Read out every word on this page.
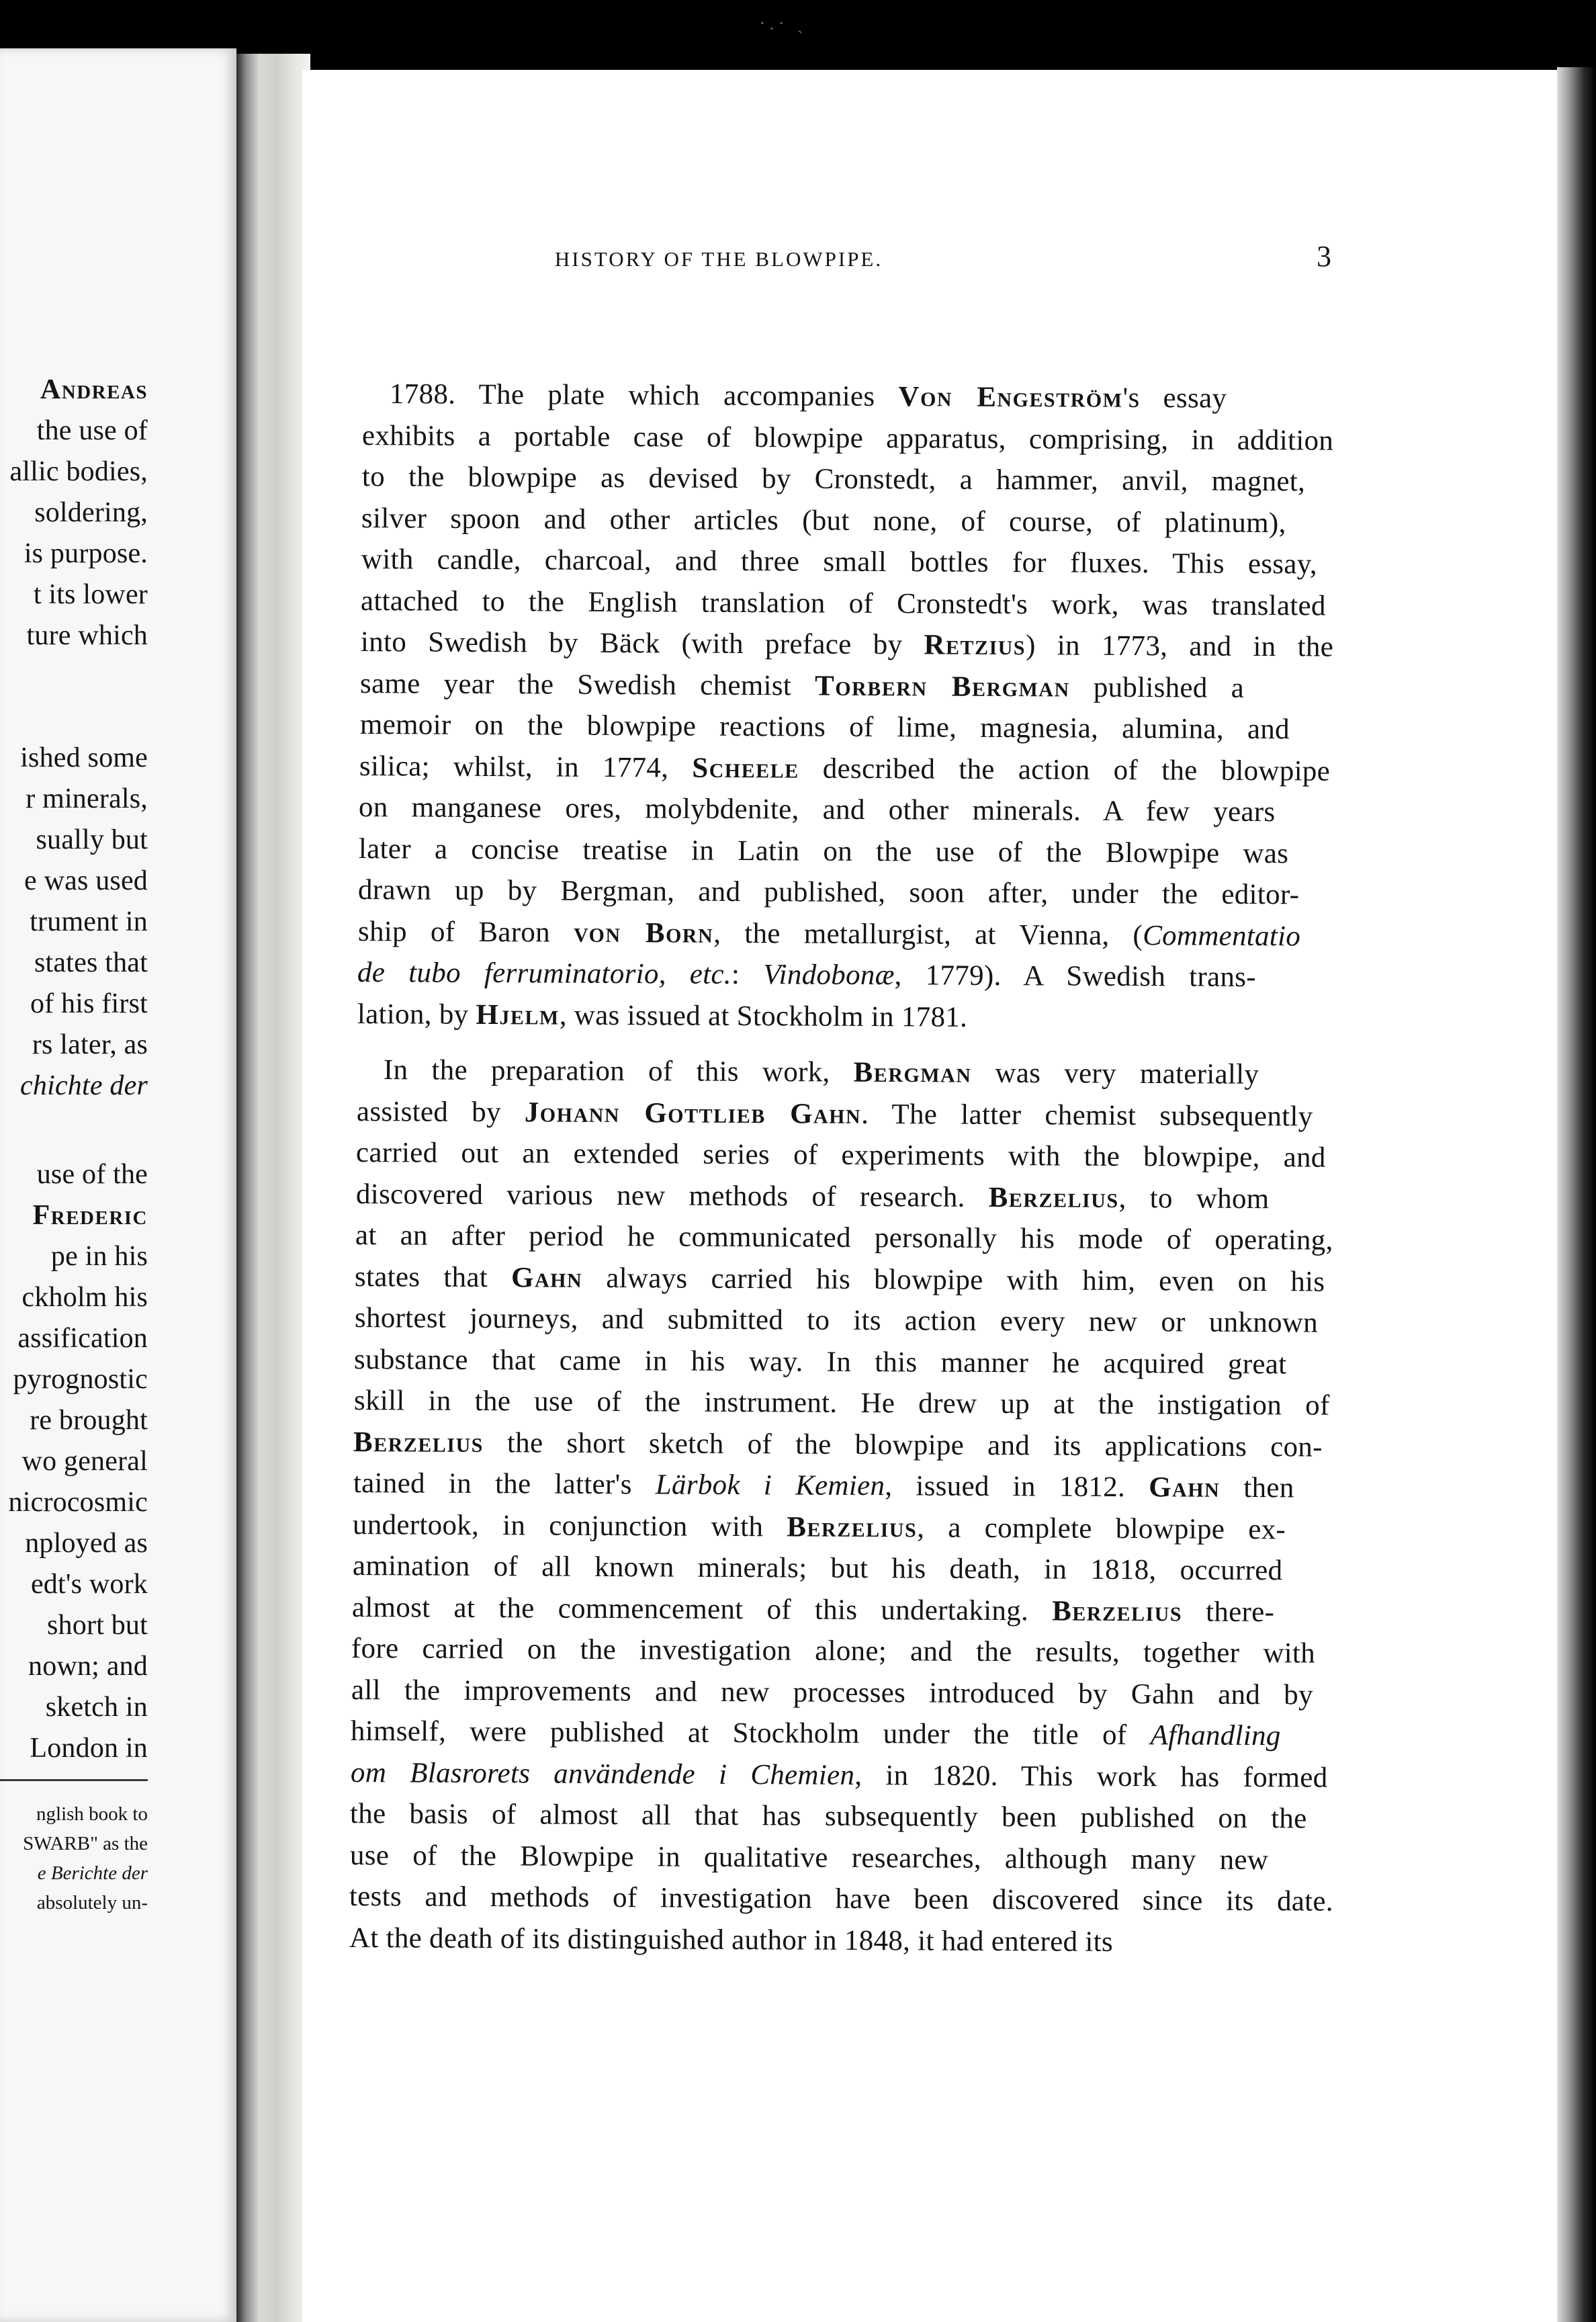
Andreas
the use of
allic bodies,
soldering,
is purpose.
t its lower
ture which
ished some
r minerals,
sually but
e was used
trument in
states that
of his first
rs later, as
chichte der
use of the
Frederic
pe in his
ckholm his
assification
pyrognostic
re brought
wo general
nicrocosmic
nployed as
edt's work
short but
nown; and
sketch in
London in
nglish book to
SWARB" as the
e Berichte der
absolutely un-
·.· ˎ
HISTORY OF THE BLOWPIPE.	3
1788. The plate which accompanies Von Engeström's essay
exhibits a portable case of blowpipe apparatus, comprising, in addition
to the blowpipe as devised by Cronstedt, a hammer, anvil, magnet,
silver spoon and other articles (but none, of course, of platinum),
with candle, charcoal, and three small bottles for fluxes. This essay,
attached to the English translation of Cronstedt's work, was translated
into Swedish by Bäck (with preface by Retzius) in 1773, and in the
same year the Swedish chemist Torbern Bergman published a
memoir on the blowpipe reactions of lime, magnesia, alumina, and
silica; whilst, in 1774, Scheele described the action of the blowpipe
on manganese ores, molybdenite, and other minerals. A few years
later a concise treatise in Latin on the use of the Blowpipe was
drawn up by Bergman, and published, soon after, under the editor-
ship of Baron von Born, the metallurgist, at Vienna, (Commentatio
de tubo ferruminatorio, etc.: Vindobonæ, 1779). A Swedish trans-
lation, by Hjelm, was issued at Stockholm in 1781.
In the preparation of this work, Bergman was very materially
assisted by Johann Gottlieb Gahn. The latter chemist subsequently
carried out an extended series of experiments with the blowpipe, and
discovered various new methods of research. Berzelius, to whom
at an after period he communicated personally his mode of operating,
states that Gahn always carried his blowpipe with him, even on his
shortest journeys, and submitted to its action every new or unknown
substance that came in his way. In this manner he acquired great
skill in the use of the instrument. He drew up at the instigation of
Berzelius the short sketch of the blowpipe and its applications con-
tained in the latter's Lärbok i Kemien, issued in 1812. Gahn then
undertook, in conjunction with Berzelius, a complete blowpipe ex-
amination of all known minerals; but his death, in 1818, occurred
almost at the commencement of this undertaking. Berzelius there-
fore carried on the investigation alone; and the results, together with
all the improvements and new processes introduced by Gahn and by
himself, were published at Stockholm under the title of Afhandling
om Blasrorets användende i Chemien, in 1820. This work has formed
the basis of almost all that has subsequently been published on the
use of the Blowpipe in qualitative researches, although many new
tests and methods of investigation have been discovered since its date.
At the death of its distinguished author in 1848, it had entered its
